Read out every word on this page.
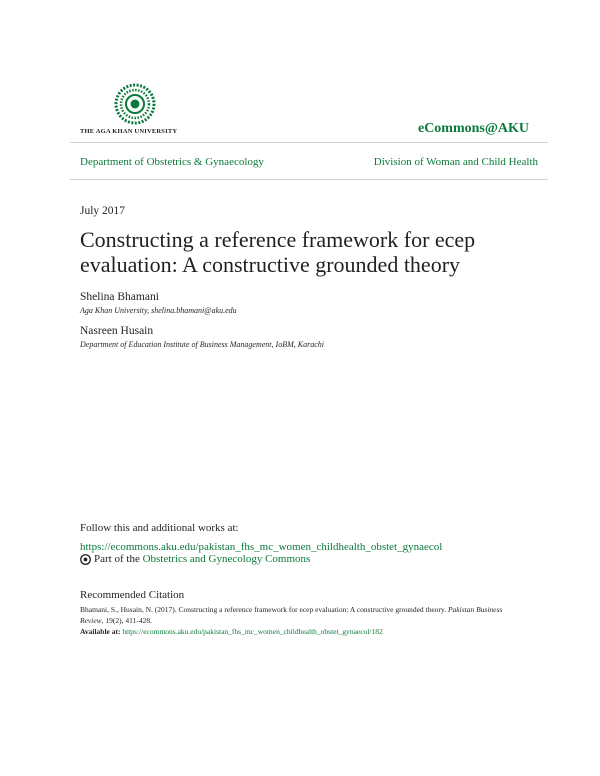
THE AGA KHAN UNIVERSITY	eCommons@AKU
Department of Obstetrics & Gynaecology	Division of Woman and Child Health
July 2017
Constructing a reference framework for ecep evaluation: A constructive grounded theory
Shelina Bhamani
Aga Khan University, shelina.bhamani@aku.edu
Nasreen Husain
Department of Education Institute of Business Management, IoBM, Karachi
Follow this and additional works at: https://ecommons.aku.edu/pakistan_fhs_mc_women_childhealth_obstet_gynaecol
Part of the
Obstetrics and Gynecology Commons
Recommended Citation
Bhamani, S., Husain, N. (2017). Constructing a reference framework for ecep evaluation: A constructive grounded theory. Pakistan Business Review, 19(2), 411-428.
Available at: https://ecommons.aku.edu/pakistan_fhs_mc_women_childhealth_obstet_gynaecol/182
